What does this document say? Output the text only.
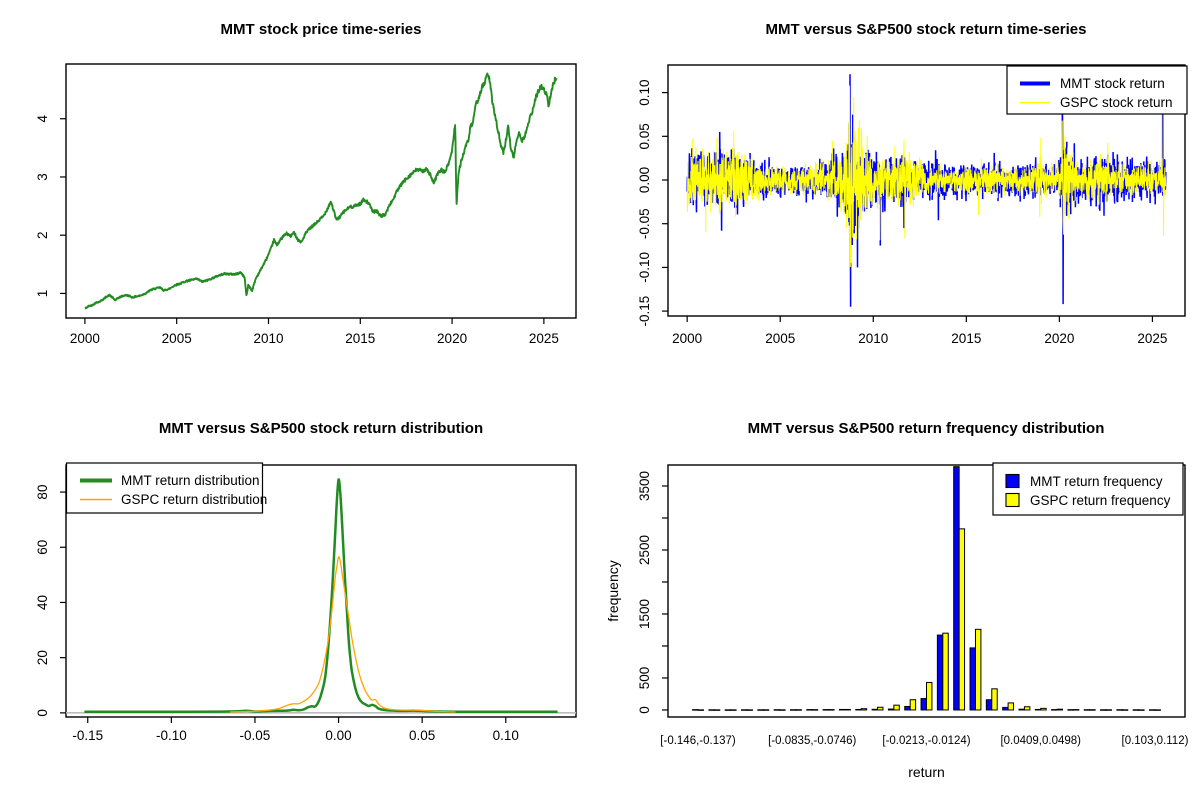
MMT stock price time-series
2000	2005	2010	2015	2020	2025
1
2
3
4
MMT versus S&P500 stock return time-series
2000	2005	2010	2015	2020	2025
-0.15
-0.10
-0.05
0.00
0.05
0.10	MMT stock return
GSPC stock return
MMT versus S&P500 stock return distribution
-0.15	-0.10	-0.05	0.00	0.05	0.10
0
20
40
60
80
MMT return distribution
GSPC return distribution
MMT versus S&P500 return frequency distribution
0
500
1500
2500
3500
[-0.146,-0.137)	[-0.0835,-0.0746) [-0.0213,-0.0124)	[0.0409,0.0498)	[0.103,0.112)
return
frequency
MMT return frequency
GSPC return frequency
